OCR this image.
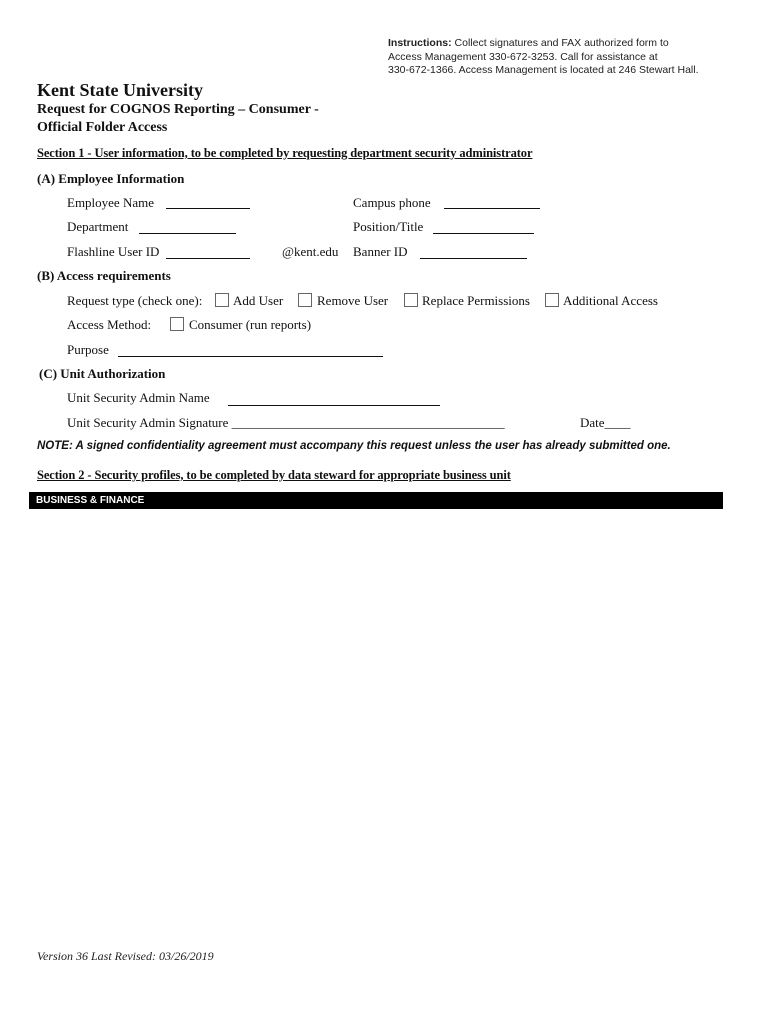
Instructions: Collect signatures and FAX authorized form to
Access Management 330-672-3253. Call for assistance at
330-672-1366. Access Management is located at 246 Stewart Hall.
Kent State University
Request for COGNOS Reporting – Consumer -
Official Folder Access
Section 1 - User information, to be completed by requesting department security administrator
(A) Employee Information
Employee Name	Campus phone
Department	Position/Title
Flashline User ID	@kent.edu Banner ID
(B) Access requirements
Request type (check one): Add User	Remove User	Replace Permissions	Additional Access
Access Method:	Consumer (run reports)
Purpose
(C) Unit Authorization
Unit Security Admin Name
Unit Security Admin Signature __________________________________________	Date____
NOTE: A signed confidentiality agreement must accompany this request unless the user has already submitted one.
Section 2 - Security profiles, to be completed by data steward for appropriate business unit
BUSINESS & FINANCE
Version 36 Last Revised: 03/26/2019
